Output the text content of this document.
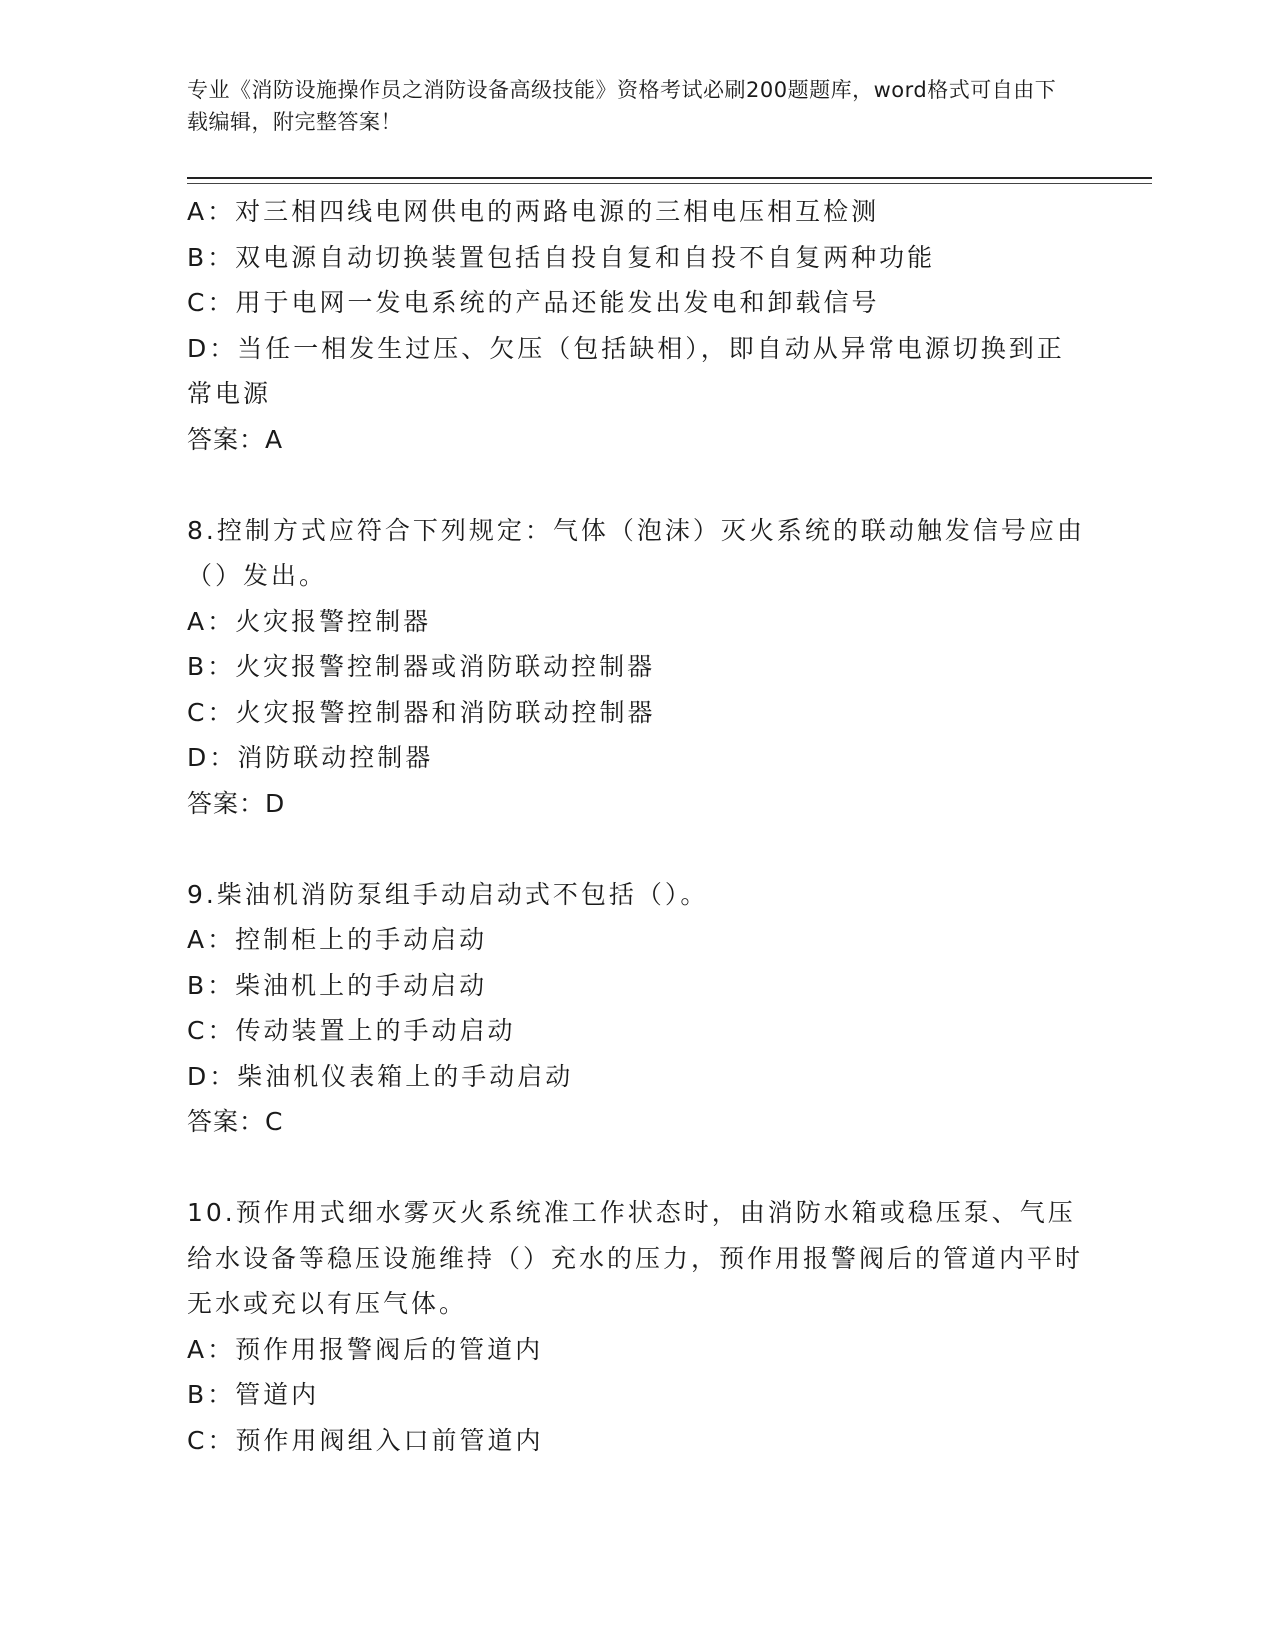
专业《消防设施操作员之消防设备高级技能》资格考试必刷200题题库，word格式可自由下载编辑，附完整答案！

A：对三相四线电网供电的两路电源的三相电压相互检测

B：双电源自动切换装置包括自投自复和自投不自复两种功能

C：用于电网一发电系统的产品还能发出发电和卸载信号

D：当任一相发生过压、欠压（包括缺相），即自动从异常电源切换到正常电源

答案：A

8.控制方式应符合下列规定：气体（泡沫）灭火系统的联动触发信号应由（）发出。

A：火灾报警控制器

B：火灾报警控制器或消防联动控制器

C：火灾报警控制器和消防联动控制器

D：消防联动控制器

答案：D

9.柴油机消防泵组手动启动式不包括（）。

A：控制柜上的手动启动

B：柴油机上的手动启动

C：传动装置上的手动启动

D：柴油机仪表箱上的手动启动

答案：C

10.预作用式细水雾灭火系统准工作状态时，由消防水箱或稳压泵、气压给水设备等稳压设施维持（）充水的压力，预作用报警阀后的管道内平时无水或充以有压气体。

A：预作用报警阀后的管道内

B：管道内

C：预作用阀组入口前管道内
